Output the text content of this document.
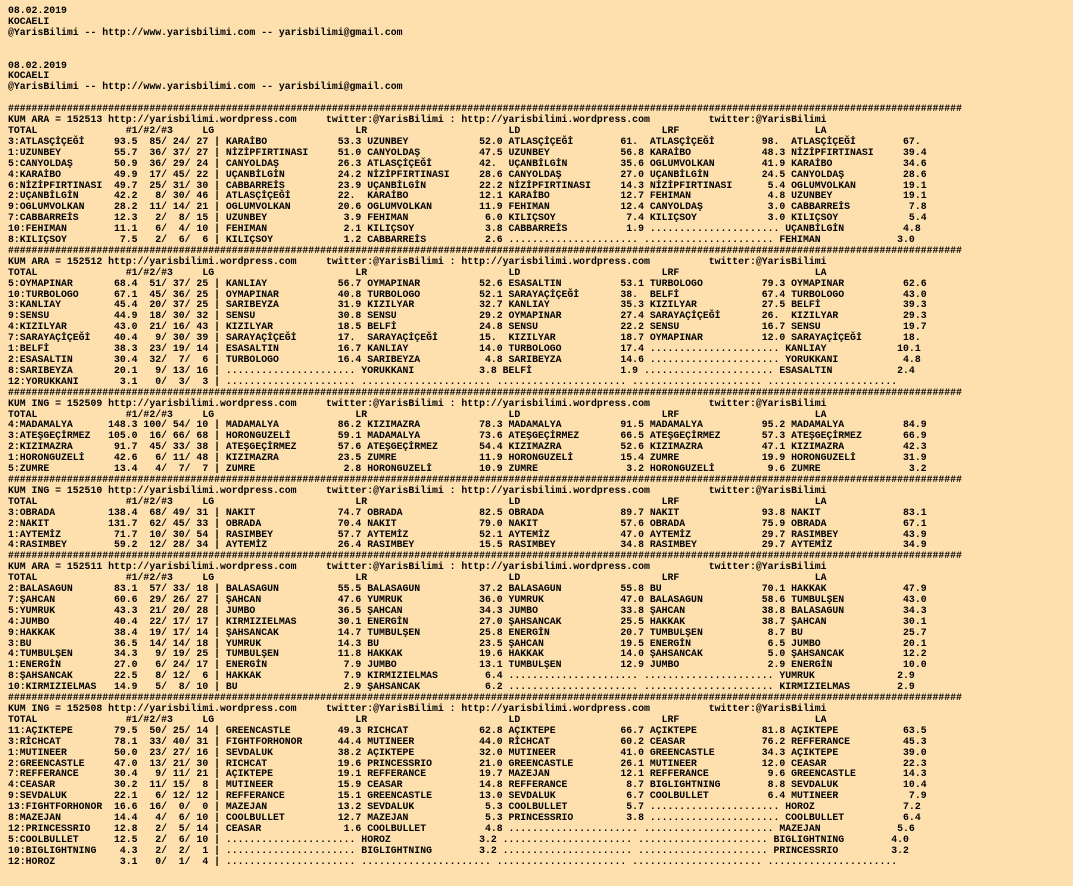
08.02.2019
KOCAELI
@YarisBilimi -- http://www.yarisbilimi.com -- yarisbilimi@gmail.com
08.02.2019
KOCAELI
@YarisBilimi -- http://www.yarisbilimi.com -- yarisbilimi@gmail.com
##################################################################################################################################################################
KUM ARA = 152513 http://yarisbilimi.wordpress.com     twitter:@YarisBilimi : http://yarisbilimi.wordpress.com          twitter:@YarisBilimi
TOTAL               #1/#2/#3     LG                        LR                        LD                        LRF                       LA
3:ATLASÇİÇEĞİ     93.5  85/ 24/ 27 | KARAİBO            53.3 UZUNBEY            52.0 ATLASÇİÇEĞİ        61.  ATLASÇİÇEĞİ        98.  ATLASÇİÇEĞİ        67.
1:UZUNBEY         55.7  36/ 37/ 27 | NİZİPFIRTINASI     51.0 CANYOLDAŞ          47.5 UZUNBEY            56.8 KARAİBO            48.3 NİZİPFIRTINASI     39.4
5:CANYOLDAŞ       50.9  36/ 29/ 24 | CANYOLDAŞ          26.3 ATLASÇİÇEĞİ        42.  UÇANBİLGİN         35.6 OGLUMVOLKAN        41.9 KARAİBO            34.6
4:KARAİBO         49.9  17/ 45/ 22 | UÇANBİLGİN         24.2 NİZİPFIRTINASI     28.6 CANYOLDAŞ          27.0 UÇANBİLGİN         24.5 CANYOLDAŞ          28.6
6:NİZİPFIRTINASI  49.7  25/ 31/ 30 | CABBARREİS         23.9 UÇANBİLGİN         22.2 NİZİPFIRTINASI     14.3 NİZİPFIRTINASI      5.4 OGLUMVOLKAN        19.1
2:UÇANBİLGİN      42.2   8/ 30/ 46 | ATLASÇİÇEĞİ        22.  KARAİBO            12.1 KARAİBO            12.7 FEHIMAN             4.8 UZUNBEY            19.1
9:OGLUMVOLKAN     28.2  11/ 14/ 21 | OGLUMVOLKAN        20.6 OGLUMVOLKAN        11.9 FEHIMAN            12.4 CANYOLDAŞ           3.0 CABBARREİS          7.8
7:CABBARREİS      12.3   2/  8/ 15 | UZUNBEY             3.9 FEHIMAN             6.0 KILIÇSOY            7.4 KILIÇSOY            3.0 KILIÇSOY            5.4
10:FEHIMAN        11.1   6/  4/ 10 | FEHIMAN             2.1 KILIÇSOY            3.8 CABBARREİS          1.9 ...................... UÇANBİLGİN          4.8
8:KILIÇSOY         7.5   2/  6/  6 | KILIÇSOY            1.2 CABBARREİS          2.6 ...................... ...................... FEHIMAN             3.0
##################################################################################################################################################################
KUM ARA = 152512 http://yarisbilimi.wordpress.com     twitter:@YarisBilimi : http://yarisbilimi.wordpress.com          twitter:@YarisBilimi
TOTAL               #1/#2/#3     LG                        LR                        LD                        LRF                       LA
5:OYMAPINAR       68.4  51/ 37/ 25 | KANLIAY            56.7 OYMAPINAR          52.6 ESASALTIN          53.1 TURBOLOGO          79.3 OYMAPINAR          62.6
10:TURBOLOGO      67.1  45/ 36/ 25 | OYMAPINAR          40.8 TURBOLOGO          52.1 SARAYAÇİÇEĞİ       38.  BELFİ              67.4 TURBOLOGO          43.0
3:KANLIAY         45.4  20/ 37/ 25 | SARIBEYZA          31.9 KIZILYAR           32.7 KANLIAY            35.3 KIZILYAR           27.5 BELFİ              39.3
9:SENSU           44.9  18/ 30/ 32 | SENSU              30.8 SENSU              29.2 OYMAPINAR          27.4 SARAYAÇİÇEĞİ       26.  KIZILYAR           29.3
4:KIZILYAR        43.0  21/ 16/ 43 | KIZILYAR           18.5 BELFİ              24.8 SENSU              22.2 SENSU              16.7 SENSU              19.7
7:SARAYAÇİÇEĞİ    40.4   9/ 30/ 39 | SARAYAÇİÇEĞİ       17.  SARAYAÇİÇEĞİ       15.  KIZILYAR           18.7 OYMAPINAR          12.0 SARAYAÇİÇEĞİ       18.
1:BELFİ           38.3  23/ 19/ 14 | ESASALTIN          16.7 KANLIAY            14.0 TURBOLOGO          17.4 ...................... KANLIAY            10.1
2:ESASALTIN       30.4  32/  7/  6 | TURBOLOGO          16.4 SARIBEYZA           4.8 SARIBEYZA          14.6 ...................... YORUKKANI           4.8
8:SARIBEYZA       20.1   9/ 13/ 16 | ...................... YORUKKANI           3.8 BELFİ               1.9 ...................... ESASALTIN           2.4
12:YORUKKANI       3.1   0/  3/  3 | ...................... ...................... ...................... ...................... ......................
##################################################################################################################################################################
KUM ING = 152509 http://yarisbilimi.wordpress.com     twitter:@YarisBilimi : http://yarisbilimi.wordpress.com          twitter:@YarisBilimi
TOTAL               #1/#2/#3     LG                        LR                        LD                        LRF                       LA
4:MADAMALYA      148.3 100/ 54/ 10 | MADAMALYA          86.2 KIZIMAZRA          78.3 MADAMALYA          91.5 MADAMALYA          95.2 MADAMALYA          84.9
3:ATEŞGEÇİRMEZ   105.0  16/ 66/ 68 | HORONGUZELİ        59.1 MADAMALYA          73.6 ATEŞGEÇİRMEZ       66.5 ATEŞGEÇİRMEZ       57.3 ATEŞGEÇİRMEZ       66.9
2:KIZIMAZRA       91.7  45/ 33/ 38 | ATEŞGEÇİRMEZ       57.6 ATEŞGEÇİRMEZ       54.4 KIZIMAZRA          52.6 KIZIMAZRA          47.1 KIZIMAZRA          42.3
1:HORONGUZELİ     42.6   6/ 11/ 48 | KIZIMAZRA          23.5 ZUMRE              11.9 HORONGUZELİ        15.4 ZUMRE              19.9 HORONGUZELİ        31.9
5:ZUMRE           13.4   4/  7/  7 | ZUMRE               2.8 HORONGUZELİ        10.9 ZUMRE               3.2 HORONGUZELİ         9.6 ZUMRE               3.2
##################################################################################################################################################################
KUM ING = 152510 http://yarisbilimi.wordpress.com     twitter:@YarisBilimi : http://yarisbilimi.wordpress.com          twitter:@YarisBilimi
TOTAL               #1/#2/#3     LG                        LR                        LD                        LRF                       LA
3:OBRADA         138.4  68/ 49/ 31 | NAKIT              74.7 OBRADA             82.5 OBRADA             89.7 NAKIT              93.8 NAKIT              83.1
2:NAKIT          131.7  62/ 45/ 33 | OBRADA             70.4 NAKIT              79.0 NAKIT              57.6 OBRADA             75.9 OBRADA             67.1
1:AYTEMİZ         71.7  10/ 30/ 54 | RASIMBEY           57.7 AYTEMİZ            52.1 AYTEMİZ            47.0 AYTEMİZ            29.7 RASIMBEY           43.9
4:RASIMBEY        59.2  12/ 28/ 34 | AYTEMİZ            26.4 RASIMBEY           15.5 RASIMBEY           34.8 RASIMBEY           29.7 AYTEMİZ            34.9
##################################################################################################################################################################
KUM ARA = 152511 http://yarisbilimi.wordpress.com     twitter:@YarisBilimi : http://yarisbilimi.wordpress.com          twitter:@YarisBilimi
TOTAL               #1/#2/#3     LG                        LR                        LD                        LRF                       LA
2:BALASAGUN       83.1  57/ 33/ 18 | BALASAGUN          55.5 BALASAGUN          37.2 BALASAGUN          55.8 BU                 70.1 HAKKAK             47.9
7:ŞAHCAN          60.6  29/ 26/ 27 | ŞAHCAN             47.6 YUMRUK             36.0 YUMRUK             47.0 BALASAGUN          58.6 TUMBULŞEN          43.0
5:YUMRUK          43.3  21/ 20/ 28 | JUMBO              36.5 ŞAHCAN             34.3 JUMBO              33.8 ŞAHCAN             38.8 BALASAGUN          34.3
4:JUMBO           40.4  22/ 17/ 17 | KIRMIZIELMAS       30.1 ENERGİN            27.0 ŞAHSANCAK          25.5 HAKKAK             38.7 ŞAHCAN             30.1
9:HAKKAK          38.4  19/ 17/ 14 | ŞAHSANCAK          14.7 TUMBULŞEN          25.8 ENERGİN            20.7 TUMBULŞEN           8.7 BU                 25.7
3:BU              36.5  14/ 14/ 18 | YUMRUK             14.3 BU                 23.5 ŞAHCAN             19.5 ENERGİN             6.5 JUMBO              20.1
4:TUMBULŞEN       34.3   9/ 19/ 25 | TUMBULŞEN          11.8 HAKKAK             19.6 HAKKAK             14.0 ŞAHSANCAK           5.0 ŞAHSANCAK          12.2
1:ENERGİN         27.0   6/ 24/ 17 | ENERGİN             7.9 JUMBO              13.1 TUMBULŞEN          12.9 JUMBO               2.9 ENERGİN            10.0
8:ŞAHSANCAK       22.5   8/ 12/  6 | HAKKAK              7.9 KIRMIZIELMAS        6.4 ...................... ...................... YUMRUK              2.9
10:KIRMIZIELMAS   14.9   5/  8/ 10 | BU                  2.9 ŞAHSANCAK           6.2 ...................... ...................... KIRMIZIELMAS        2.9
##################################################################################################################################################################
KUM ING = 152508 http://yarisbilimi.wordpress.com     twitter:@YarisBilimi : http://yarisbilimi.wordpress.com          twitter:@YarisBilimi
TOTAL               #1/#2/#3     LG                        LR                        LD                        LRF                       LA
11:AÇIKTEPE       79.5  50/ 25/ 14 | GREENCASTLE        49.3 RICHCAT            62.8 AÇIKTEPE           66.7 AÇIKTEPE           81.8 AÇIKTEPE           63.5
3:RİCHCAT         78.1  33/ 40/ 31 | FIGHTFORHONOR      44.4 MUTINEER           44.0 RİCHCAT            60.2 CEASAR             76.2 REFFERANCE         45.3
1:MUTINEER        50.0  23/ 27/ 16 | SEVDALUK           38.2 AÇIKTEPE           32.0 MUTINEER           41.0 GREENCASTLE        34.3 AÇIKTEPE           39.0
2:GREENCASTLE     47.0  13/ 21/ 30 | RICHCAT            19.6 PRINCESSRIO        21.0 GREENCASTLE        26.1 MUTINEER           12.0 CEASAR             22.3
7:REFFERANCE      30.4   9/ 11/ 21 | AÇIKTEPE           19.1 REFFERANCE         19.7 MAZEJAN            12.1 REFFERANCE          9.6 GREENCASTLE        14.3
4:CEASAR          30.2  11/ 15/  8 | MUTINEER           15.9 CEASAR             14.8 REFFERANCE          8.7 BIGLIGHTNING        8.8 SEVDALUK           10.4
9:SEVDALUK        22.1   6/ 12/ 12 | REFFERANCE         15.1 GREENCASTLE        13.0 SEVDALUK            6.7 COOLBULLET          6.4 MUTINEER            7.9
13:FIGHTFORHONOR  16.6  16/  0/  0 | MAZEJAN            13.2 SEVDALUK            5.3 COOLBULLET          5.7 ...................... HOROZ               7.2
8:MAZEJAN         14.4   4/  6/ 10 | COOLBULLET         12.7 MAZEJAN             5.3 PRINCESSRIO         3.8 ...................... COOLBULLET          6.4
12:PRINCESSRIO    12.8   2/  5/ 14 | CEASAR              1.6 COOLBULLET          4.8 ...................... ...................... MAZEJAN             5.6
5:COOLBULLET      12.5   2/  6/ 10 | ...................... HOROZ               3.2 ...................... ...................... BIGLIGHTNING        4.0
10:BIGLIGHTNING    4.3   2/  2/  1 | ...................... BIGLIGHTNING        3.2 ...................... ...................... PRINCESSRIO         3.2
12:HOROZ           3.1   0/  1/  4 | ...................... ...................... ...................... ...................... ......................
